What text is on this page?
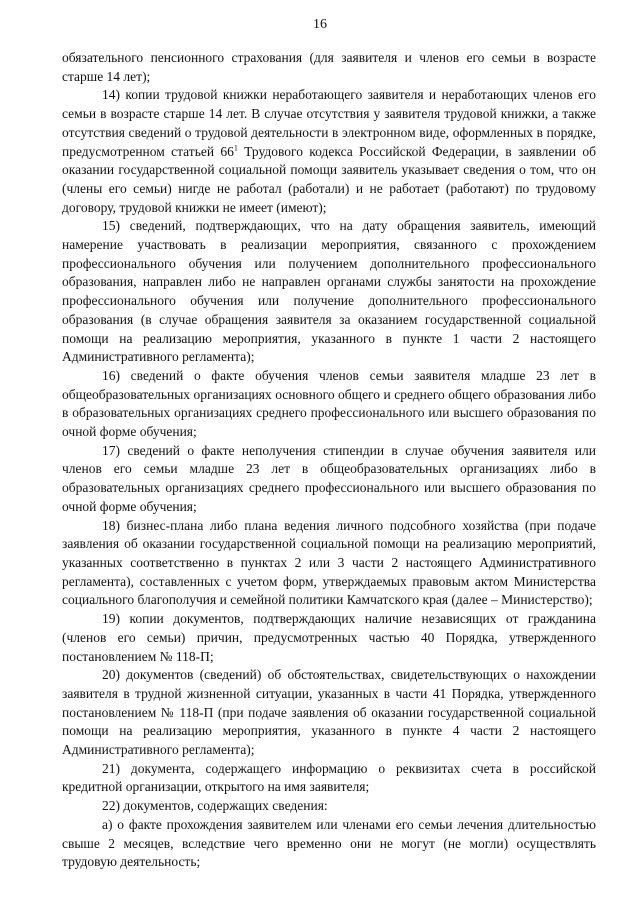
16

обязательного пенсионного страхования (для заявителя и членов его семьи в возрасте старше 14 лет);

14) копии трудовой книжки неработающего заявителя и неработающих членов его семьи в возрасте старше 14 лет. В случае отсутствия у заявителя трудовой книжки, а также отсутствия сведений о трудовой деятельности в электронном виде, оформленных в порядке, предусмотренном статьей $66^1$ Трудового кодекса Российской Федерации, в заявлении об оказании государственной социальной помощи заявитель указывает сведения о том, что он (члены его семьи) нигде не работал (работали) и не работает (работают) по трудовому договору, трудовой книжки не имеет (имеют);

15) сведений, подтверждающих, что на дату обращения заявитель, имеющий намерение участвовать в реализации мероприятия, связанного с прохождением профессионального обучения или получением дополнительного профессионального образования, направлен либо не направлен органами службы занятости на прохождение профессионального обучения или получение дополнительного профессионального образования (в случае обращения заявителя за оказанием государственной социальной помощи на реализацию мероприятия, указанного в пункте 1 части 2 настоящего Административного регламента);

16) сведений о факте обучения членов семьи заявителя младше 23 лет в общеобразовательных организациях основного общего и среднего общего образования либо в образовательных организациях среднего профессионального или высшего образования по очной форме обучения;

17) сведений о факте неполучения стипендии в случае обучения заявителя или членов его семьи младше 23 лет в общеобразовательных организациях либо в образовательных организациях среднего профессионального или высшего образования по очной форме обучения;

18) бизнес-плана либо плана ведения личного подсобного хозяйства (при подаче заявления об оказании государственной социальной помощи на реализацию мероприятий, указанных соответственно в пунктах 2 или 3 части 2 настоящего Административного регламента), составленных с учетом форм, утверждаемых правовым актом Министерства социального благополучия и семейной политики Камчатского края (далее – Министерство);

19) копии документов, подтверждающих наличие независящих от гражданина (членов его семьи) причин, предусмотренных частью 40 Порядка, утвержденного постановлением № 118-П;

20) документов (сведений) об обстоятельствах, свидетельствующих о нахождении заявителя в трудной жизненной ситуации, указанных в части 41 Порядка, утвержденного постановлением № 118-П (при подаче заявления об оказании государственной социальной помощи на реализацию мероприятия, указанного в пункте 4 части 2 настоящего Административного регламента);

21) документа, содержащего информацию о реквизитах счета в российской кредитной организации, открытого на имя заявителя;

22) документов, содержащих сведения:

а) о факте прохождения заявителем или членами его семьи лечения длительностью свыше 2 месяцев, вследствие чего временно они не могут (не могли) осуществлять трудовую деятельность;
